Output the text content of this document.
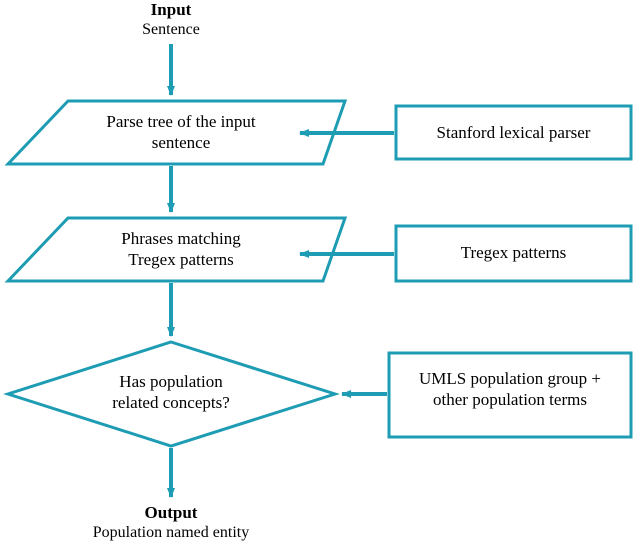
Input
Sentence
Parse tree of the input
sentence
Phrases matching
Tregex patterns
Has population
related concepts?
Stanford lexical parser
Tregex patterns
UMLS population group +
other population terms
Output
Population named entity
